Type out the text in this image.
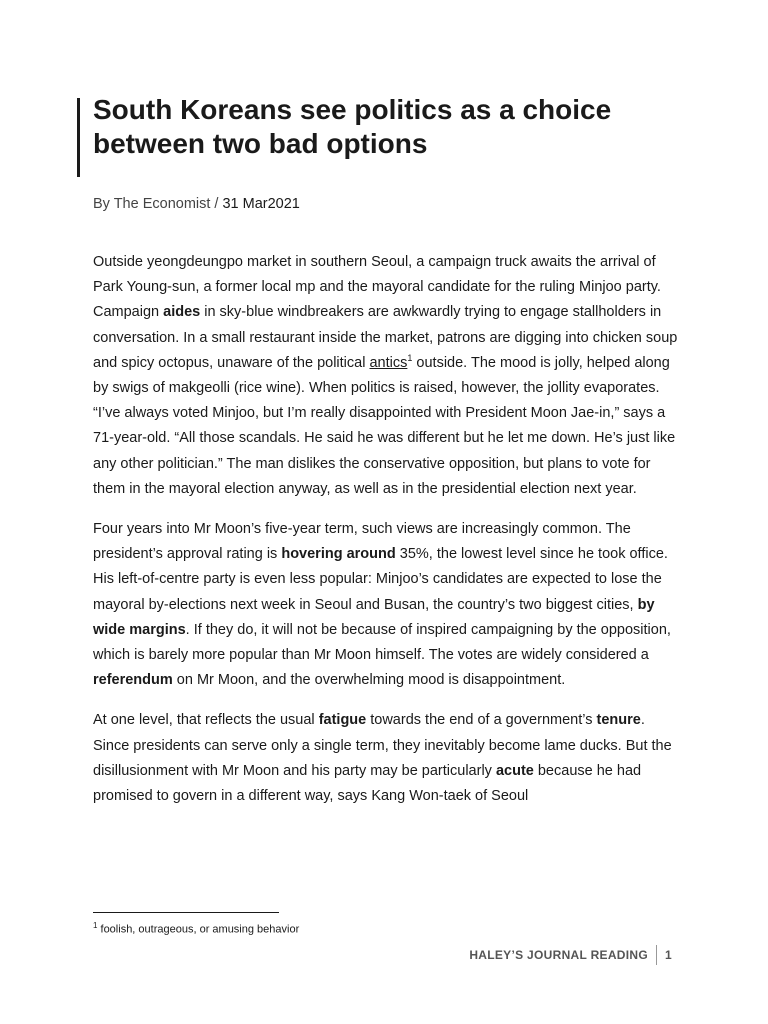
South Koreans see politics as a choice between two bad options
By The Economist / 31 Mar2021

Outside yeongdeungpo market in southern Seoul, a campaign truck awaits the arrival of Park Young-sun, a former local mp and the mayoral candidate for the ruling Minjoo party. Campaign aides in sky-blue windbreakers are awkwardly trying to engage stallholders in conversation. In a small restaurant inside the market, patrons are digging into chicken soup and spicy octopus, unaware of the political antics$^1$ outside. The mood is jolly, helped along by swigs of makgeolli (rice wine). When politics is raised, however, the jollity evaporates. “I’ve always voted Minjoo, but I’m really disappointed with President Moon Jae-in,” says a 71-year-old. “All those scandals. He said he was different but he let me down. He’s just like any other politician.” The man dislikes the conservative opposition, but plans to vote for them in the mayoral election anyway, as well as in the presidential election next year.

Four years into Mr Moon’s five-year term, such views are increasingly common. The president’s approval rating is hovering around 35%, the lowest level since he took office. His left-of-centre party is even less popular: Minjoo’s candidates are expected to lose the mayoral by-elections next week in Seoul and Busan, the country’s two biggest cities, by wide margins. If they do, it will not be because of inspired campaigning by the opposition, which is barely more popular than Mr Moon himself. The votes are widely considered a referendum on Mr Moon, and the overwhelming mood is disappointment.

At one level, that reflects the usual fatigue towards the end of a government’s tenure. Since presidents can serve only a single term, they inevitably become lame ducks. But the disillusionment with Mr Moon and his party may be particularly acute because he had promised to govern in a different way, says Kang Won-taek of Seoul

$^1$ foolish, outrageous, or amusing behavior
HALEY’S JOURNAL READING 1
